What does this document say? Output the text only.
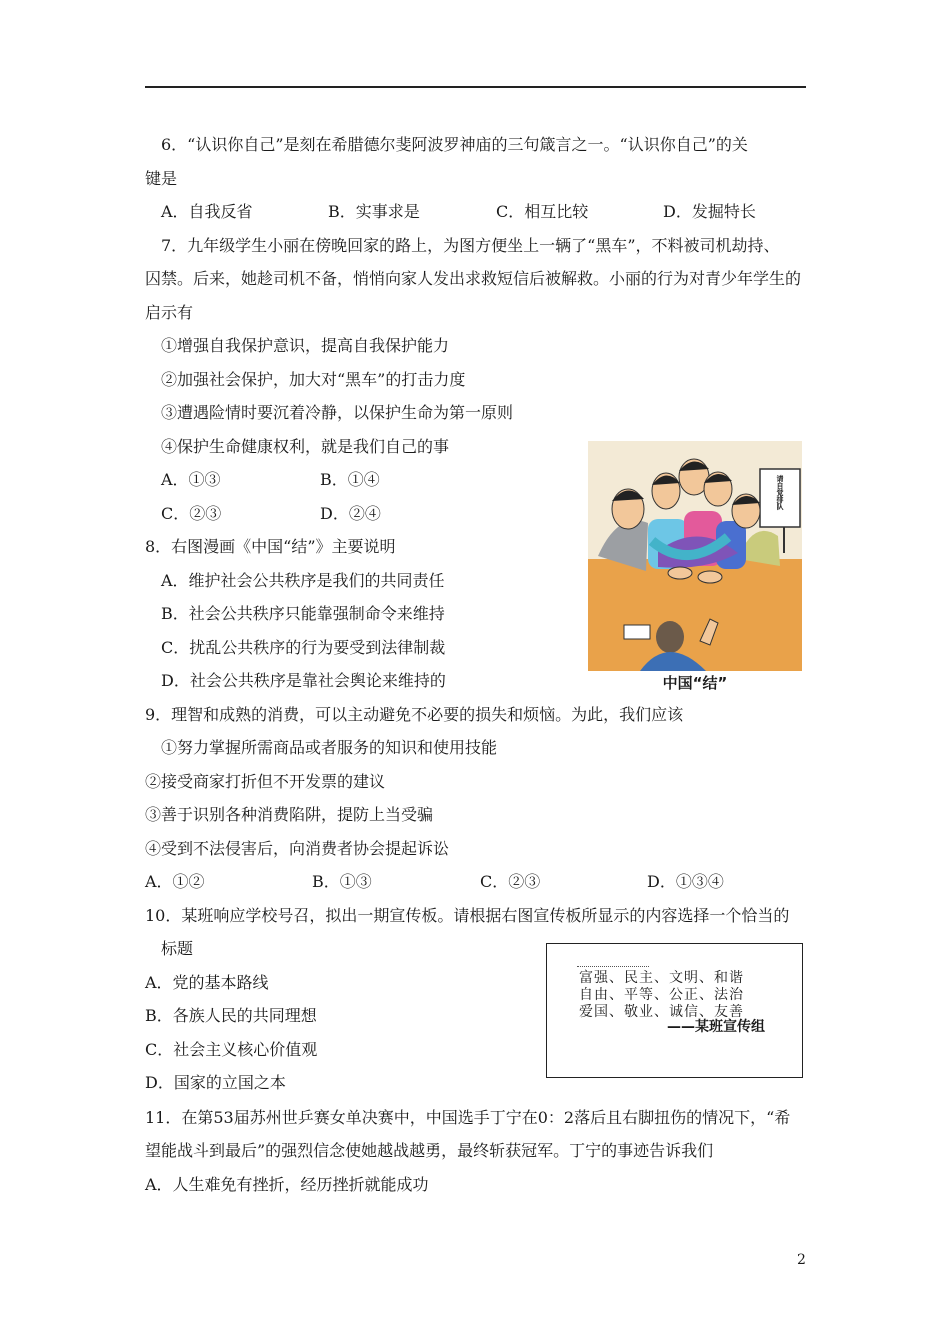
6．“认识你自己”是刻在希腊德尔斐阿波罗神庙的三句箴言之一。“认识你自己”的关
键是
A．自我反省	B．实事求是	C．相互比较	D．发掘特长
7．九年级学生小丽在傍晚回家的路上，为图方便坐上一辆了“黑车”，不料被司机劫持、
囚禁。后来，她趁司机不备，悄悄向家人发出求救短信后被解救。小丽的行为对青少年学生的
启示有
①增强自我保护意识，提高自我保护能力
②加强社会保护，加大对“黑车”的打击力度
③遭遇险情时要沉着冷静，以保护生命为第一原则
④保护生命健康权利，就是我们自己的事
A．①③	B．①④
C．②③	D．②④
8．右图漫画《中国“结”》主要说明
A．维护社会公共秩序是我们的共同责任
B．社会公共秩序只能靠强制命令来维持
C．扰乱公共秩序的行为要受到法律制裁
D．社会公共秩序是靠社会舆论来维持的
请自觉排队
中国“结”
9．理智和成熟的消费，可以主动避免不必要的损失和烦恼。为此，我们应该
①努力掌握所需商品或者服务的知识和使用技能
②接受商家打折但不开发票的建议
③善于识别各种消费陷阱，提防上当受骗
④受到不法侵害后，向消费者协会提起诉讼
A．①②	B．①③	C．②③	D．①③④
10．某班响应学校号召，拟出一期宣传板。请根据右图宣传板所显示的内容选择一个恰当的
标题
A．党的基本路线
B．各族人民的共同理想
C．社会主义核心价值观
D．国家的立国之本
富强、民主、文明、和谐
自由、平等、公正、法治
爱国、敬业、诚信、友善
——某班宣传组
11．在第53届苏州世乒赛女单决赛中，中国选手丁宁在0：2落后且右脚扭伤的情况下，“希
望能战斗到最后”的强烈信念使她越战越勇，最终斩获冠军。丁宁的事迹告诉我们
A．人生难免有挫折，经历挫折就能成功
2
